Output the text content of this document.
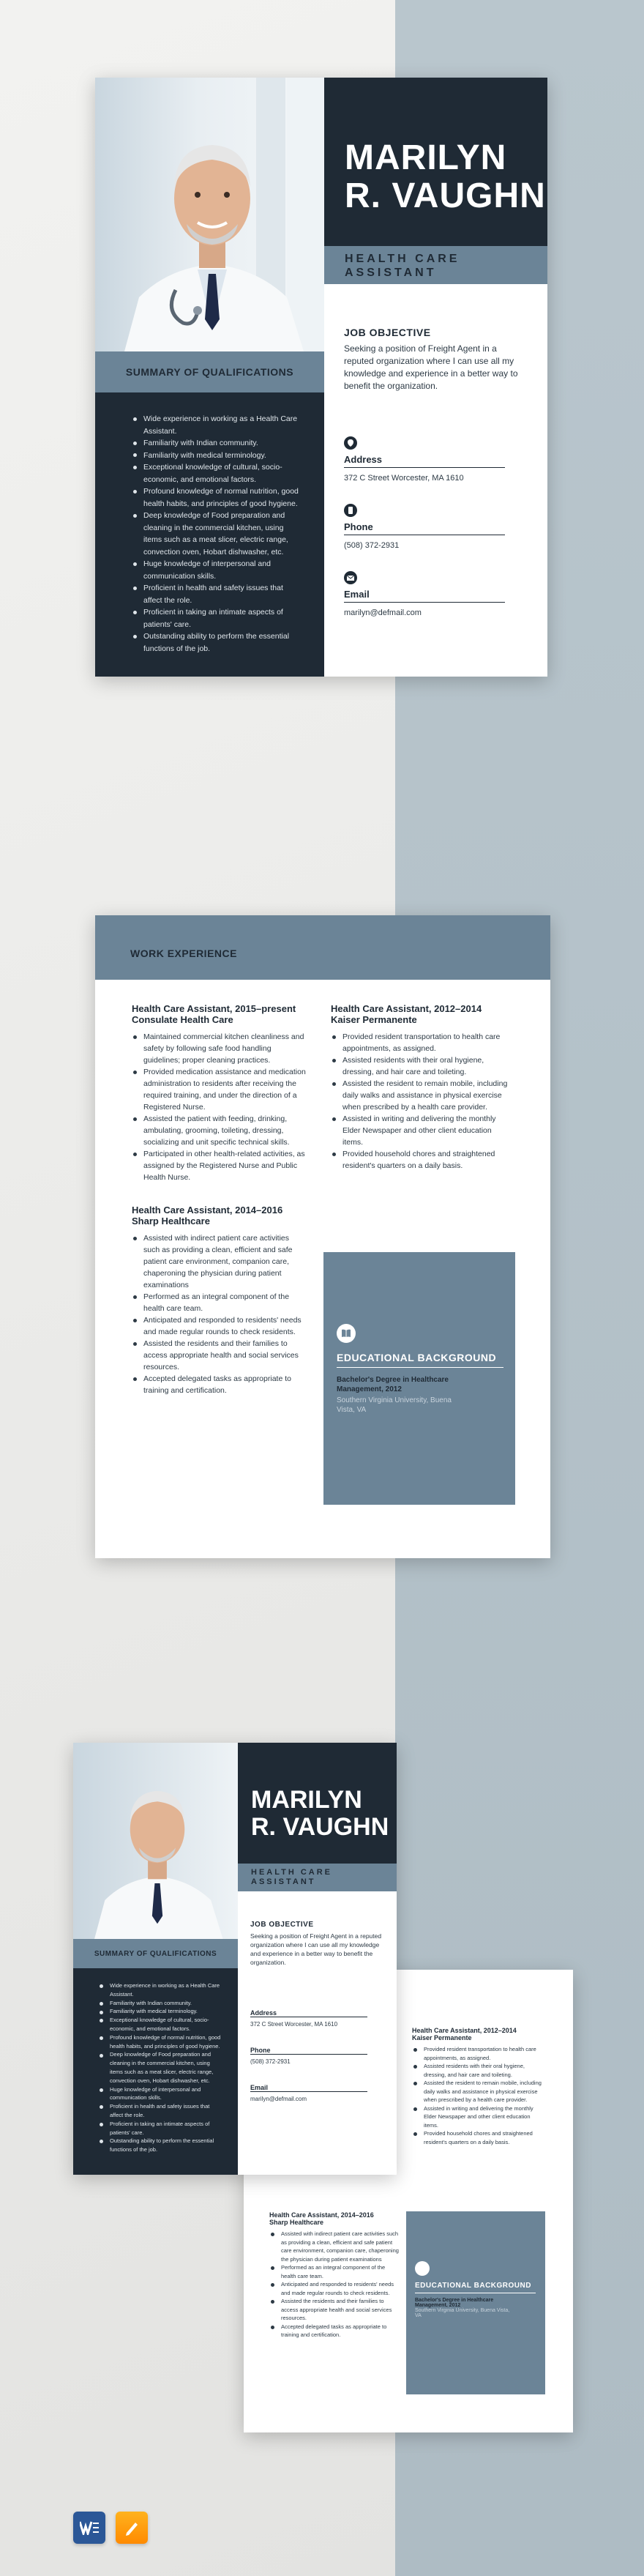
MARILYN
R. VAUGHN
HEALTH CARE ASSISTANT
SUMMARY OF QUALIFICATIONS
Wide experience in working as a Health Care Assistant.
Familiarity with Indian community.
Familiarity with medical terminology.
Exceptional knowledge of cultural, socio-economic, and emotional factors.
Profound knowledge of normal nutrition, good health habits, and principles of good hygiene.
Deep knowledge of Food preparation and cleaning in the commercial kitchen, using items such as a meat slicer, electric range, convection oven, Hobart dishwasher, etc.
Huge knowledge of interpersonal and communication skills.
Proficient in health and safety issues that affect the role.
Proficient in taking an intimate aspects of patients' care.
Outstanding ability to perform the essential functions of the job.
JOB OBJECTIVE
Seeking a position of Freight Agent in a reputed organization where I can use all my knowledge and experience in a better way to benefit the organization.
Address
372 C Street Worcester, MA 1610
Phone
(508) 372-2931
Email
marilyn@defmail.com
WORK EXPERIENCE
Health Care Assistant, 2015–present
Consulate Health Care
Maintained commercial kitchen cleanliness and safety by following safe food handling guidelines; proper cleaning practices.
Provided medication assistance and medication administration to residents after receiving the required training, and under the direction of a Registered Nurse.
Assisted the patient with feeding, drinking, ambulating, grooming, toileting, dressing, socializing and unit specific technical skills.
Participated in other health-related activities, as assigned by the Registered Nurse and Public Health Nurse.
Health Care Assistant, 2012–2014
Kaiser Permanente
Provided resident transportation to health care appointments, as assigned.
Assisted residents with their oral hygiene, dressing, and hair care and toileting.
Assisted the resident to remain mobile, including daily walks and assistance in physical exercise when prescribed by a health care provider.
Assisted in writing and delivering the monthly Elder Newspaper and other client education items.
Provided household chores and straightened resident's quarters on a daily basis.
Health Care Assistant, 2014–2016
Sharp Healthcare
Assisted with indirect patient care activities such as providing a clean, efficient and safe patient care environment, companion care, chaperoning the physician during patient examinations
Performed as an integral component of the health care team.
Anticipated and responded to residents' needs and made regular rounds to check residents.
Assisted the residents and their families to access appropriate health and social services resources.
Accepted delegated tasks as appropriate to training and certification.
EDUCATIONAL BACKGROUND
Bachelor's Degree in Healthcare Management, 2012
Southern Virginia University, Buena Vista, VA
Health Care Assistant, 2012–2014
Kaiser Permanente
Provided resident transportation to health care appointments, as assigned.
Assisted residents with their oral hygiene, dressing, and hair care and toileting.
Assisted the resident to remain mobile, including daily walks and assistance in physical exercise when prescribed by a health care provider.
Assisted in writing and delivering the monthly Elder Newspaper and other client education items.
Provided household chores and straightened resident's quarters on a daily basis.
Health Care Assistant, 2014–2016
Sharp Healthcare
Assisted with indirect patient care activities such as providing a clean, efficient and safe patient care environment, companion care, chaperoning the physician during patient examinations
Performed as an integral component of the health care team.
Anticipated and responded to residents' needs and made regular rounds to check residents.
Assisted the residents and their families to access appropriate health and social services resources.
Accepted delegated tasks as appropriate to training and certification.
EDUCATIONAL BACKGROUND
Bachelor's Degree in Healthcare Management, 2012
Southern Virginia University, Buena Vista, VA
MARILYN
R. VAUGHN
HEALTH CARE ASSISTANT
SUMMARY OF QUALIFICATIONS
Wide experience in working as a Health Care Assistant.
Familiarity with Indian community.
Familiarity with medical terminology.
Exceptional knowledge of cultural, socio-economic, and emotional factors.
Profound knowledge of normal nutrition, good health habits, and principles of good hygiene.
Deep knowledge of Food preparation and cleaning in the commercial kitchen, using items such as a meat slicer, electric range, convection oven, Hobart dishwasher, etc.
Huge knowledge of interpersonal and communication skills.
Proficient in health and safety issues that affect the role.
Proficient in taking an intimate aspects of patients' care.
Outstanding ability to perform the essential functions of the job.
JOB OBJECTIVE
Seeking a position of Freight Agent in a reputed organization where I can use all my knowledge and experience in a better way to benefit the organization.
Address
372 C Street Worcester, MA 1610
Phone
(508) 372-2931
Email
marilyn@defmail.com
